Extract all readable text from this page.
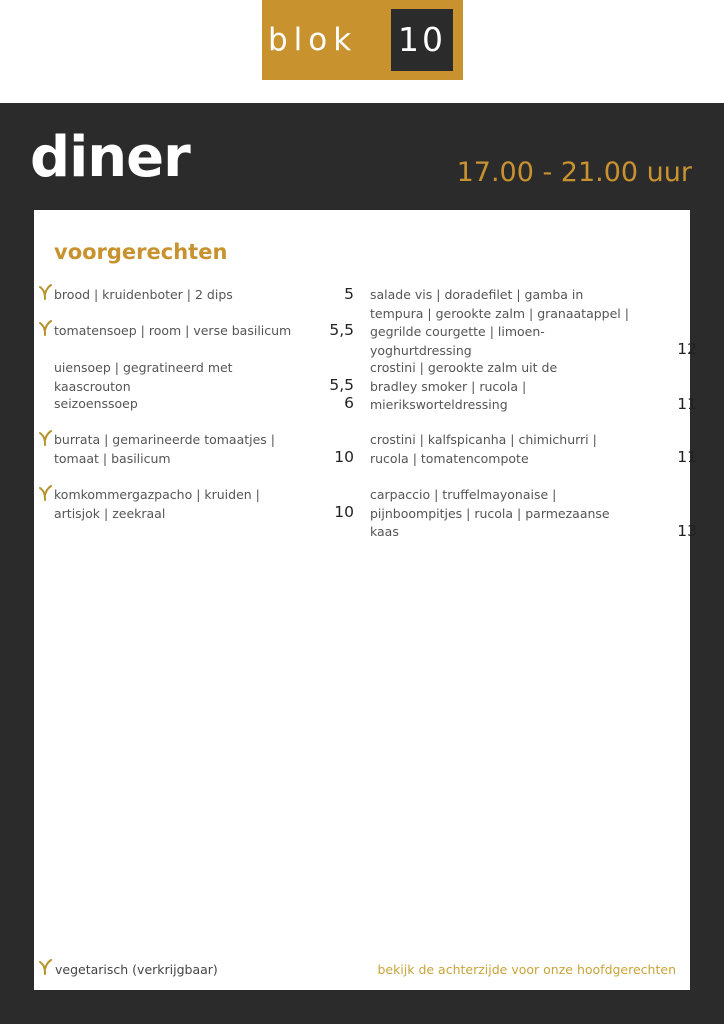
blok 10
diner	17.00 - 21.00 uur
voorgerechten
brood | kruidenboter | 2 dips	5
tomatensoep | room | verse basilicum	5,5
uiensoep | gegratineerd met kaascrouton	5,5
seizoenssoep	6
burrata | gemarineerde tomaatjes | tomaat | basilicum	10
komkommergazpacho | kruiden | artisjok | zeekraal	10
salade vis | doradefilet | gamba in tempura | gerookte zalm | granaatappel | gegrilde courgette | limoen-yoghurtdressing	12
crostini | gerookte zalm uit de bradley smoker | rucola | mieriksworteldressing	11
crostini | kalfspicanha | chimichurri | rucola | tomatencompote	11
carpaccio | truffelmayonaise | pijnboompitjes | rucola | parmezaanse kaas	13
vegetarisch (verkrijgbaar)	bekijk de achterzijde voor onze hoofdgerechten
